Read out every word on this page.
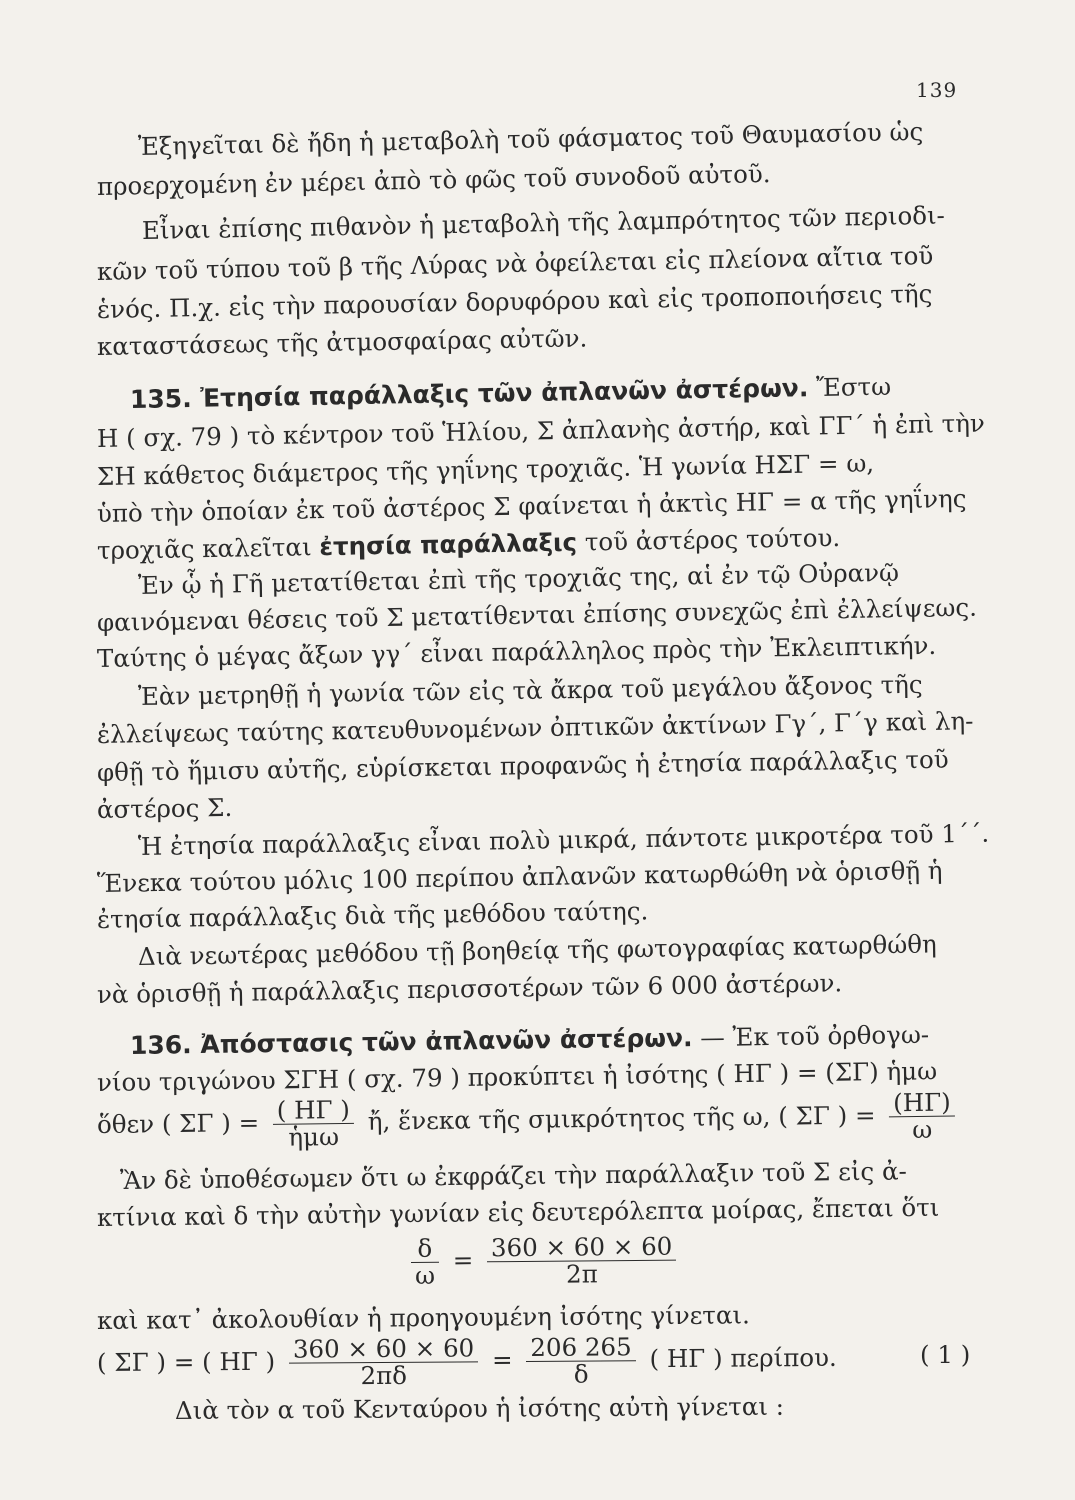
139
Ἐξηγεῖται δὲ ἤδη ἡ μεταβολὴ τοῦ φάσματος τοῦ Θαυμασίου ὡς
προερχομένη ἐν μέρει ἀπὸ τὸ φῶς τοῦ συνοδοῦ αὐτοῦ.
Εἶναι ἐπίσης πιθανὸν ἡ μεταβολὴ τῆς λαμπρότητος τῶν περιοδι-
κῶν τοῦ τύπου τοῦ β τῆς Λύρας νὰ ὀφείλεται εἰς πλείονα αἴτια τοῦ
ἑνός. Π.χ. εἰς τὴν παρουσίαν δορυφόρου καὶ εἰς τροποποιήσεις τῆς
καταστάσεως τῆς ἀτμοσφαίρας αὐτῶν.
135. Ἐτησία παράλλαξις τῶν ἀπλανῶν ἀστέρων. Ἔστω
Η ( σχ. 79 ) τὸ κέντρον τοῦ Ἡλίου, Σ ἀπλανὴς ἀστήρ, καὶ ΓΓ΄ ἡ ἐπὶ τὴν
ΣΗ κάθετος διάμετρος τῆς γηΐνης τροχιᾶς. Ἡ γωνία ΗΣΓ = ω,
ὑπὸ τὴν ὁποίαν ἐκ τοῦ ἀστέρος Σ φαίνεται ἡ ἀκτὶς ΗΓ = α τῆς γηΐνης
τροχιᾶς καλεῖται ἐτησία παράλλαξις τοῦ ἀστέρος τούτου.
Ἐν ᾧ ἡ Γῆ μετατίθεται ἐπὶ τῆς τροχιᾶς της, αἱ ἐν τῷ Οὐρανῷ
φαινόμεναι θέσεις τοῦ Σ μετατίθενται ἐπίσης συνεχῶς ἐπὶ ἐλλείψεως.
Ταύτης ὁ μέγας ἄξων γγ΄ εἶναι παράλληλος πρὸς τὴν Ἐκλειπτικήν.
Ἐὰν μετρηθῇ ἡ γωνία τῶν εἰς τὰ ἄκρα τοῦ μεγάλου ἄξονος τῆς
ἐλλείψεως ταύτης κατευθυνομένων ὀπτικῶν ἀκτίνων Γγ΄, Γ΄γ καὶ λη-
φθῇ τὸ ἥμισυ αὐτῆς, εὑρίσκεται προφανῶς ἡ ἐτησία παράλλαξις τοῦ
ἀστέρος Σ.
Ἡ ἐτησία παράλλαξις εἶναι πολὺ μικρά, πάντοτε μικροτέρα τοῦ 1΄΄.
Ἕνεκα τούτου μόλις 100 περίπου ἀπλανῶν κατωρθώθη νὰ ὁρισθῇ ἡ
ἐτησία παράλλαξις διὰ τῆς μεθόδου ταύτης.
Διὰ νεωτέρας μεθόδου τῇ βοηθείᾳ τῆς φωτογραφίας κατωρθώθη
νὰ ὁρισθῇ ἡ παράλλαξις περισσοτέρων τῶν 6 000 ἀστέρων.
136. Ἀπόστασις τῶν ἀπλανῶν ἀστέρων. — Ἐκ τοῦ ὀρθογω-
νίου τριγώνου ΣΓΗ ( σχ. 79 ) προκύπτει ἡ ἰσότης ( ΗΓ ) = (ΣΓ) ἡμω
ὅθεν ( ΣΓ ) = $\frac{( H\Gamma )}{\text{ἡμω}}$ ἤ, ἕνεκα τῆς σμικρότητος τῆς ω, ( ΣΓ ) = $\frac{(H\Gamma)}{\omega}$
Ἂν δὲ ὑποθέσωμεν ὅτι ω ἐκφράζει τὴν παράλλαξιν τοῦ Σ εἰς ἀ-
κτίνια καὶ δ τὴν αὐτὴν γωνίαν εἰς δευτερόλεπτα μοίρας, ἔπεται ὅτι
$\frac{\delta}{\omega} = \frac{360 \times 60 \times 60}{2\pi}$
καὶ κατ᾽ ἀκολουθίαν ἡ προηγουμένη ἰσότης γίνεται.
( ΣΓ ) = ( ΗΓ ) $\frac{360 \times 60 \times 60}{2\pi\delta} = \frac{206 265}{\delta}$ ( ΗΓ ) περίπου.	( 1 )
Διὰ τὸν α τοῦ Κενταύρου ἡ ἰσότης αὐτὴ γίνεται :
